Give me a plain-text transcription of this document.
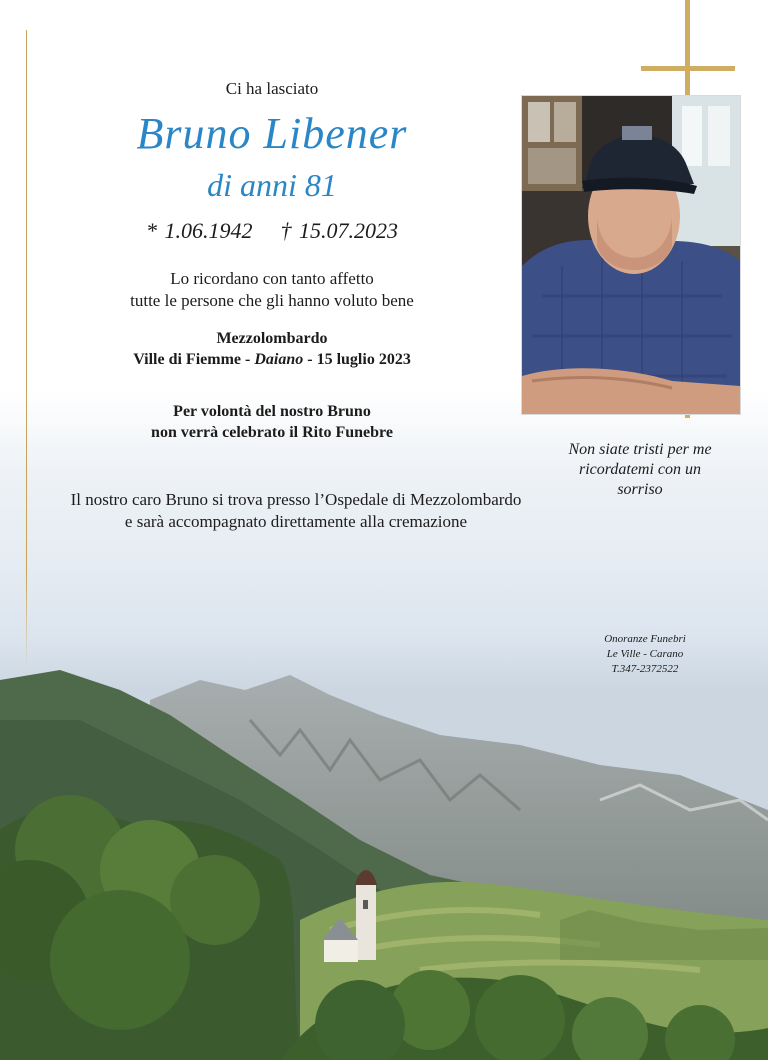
Ci ha lasciato
Bruno Libener
di anni 81
* 1.06.1942 † 15.07.2023
Lo ricordano con tanto affetto
tutte le persone che gli hanno voluto bene
Mezzolombardo
Ville di Fiemme - Daiano - 15 luglio 2023
Per volontà del nostro Bruno
non verrà celebrato il Rito Funebre
Il nostro caro Bruno si trova presso l’Ospedale di Mezzolombardo
e sarà accompagnato direttamente alla cremazione
Non siate tristi per me
ricordatemi con un
sorriso
Onoranze Funebri
Le Ville - Carano
T.347-2372522
